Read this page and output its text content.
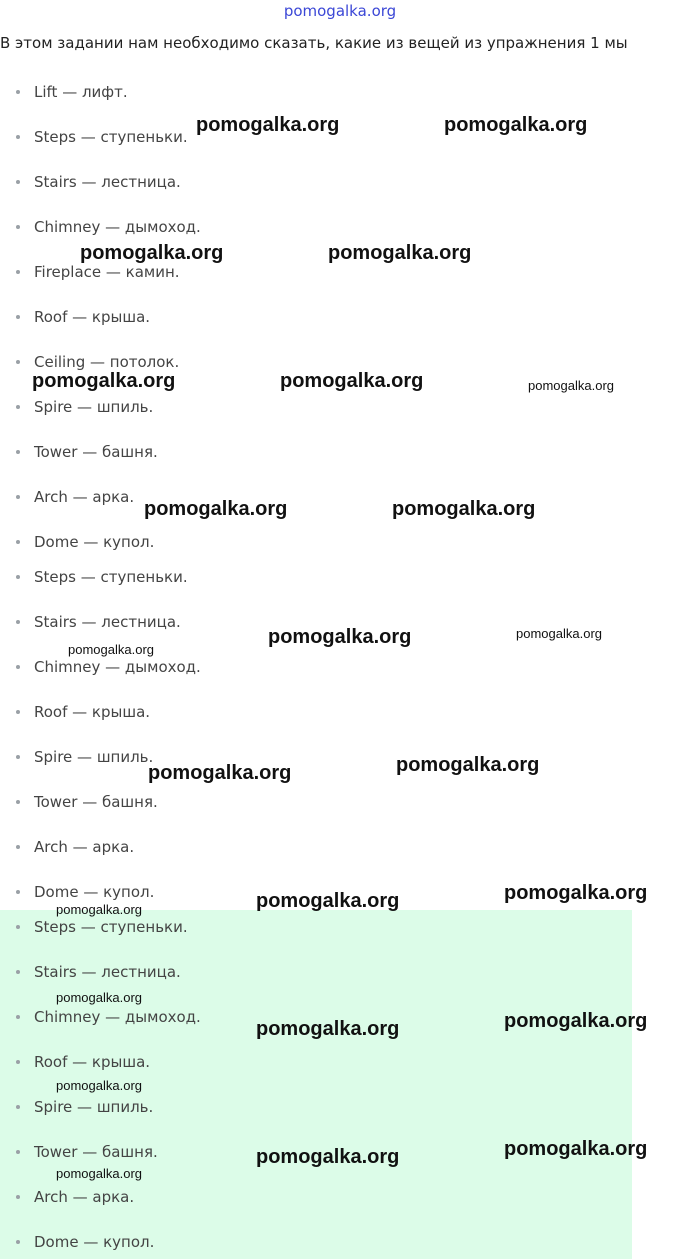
pomogalka.org

В этом задании нам необходимо сказать, какие из вещей из упражнения 1 мы

Lift — лифт.
Steps — ступеньки.
Stairs — лестница.
Chimney — дымоход.
Fireplace — камин.
Roof — крыша.
Ceiling — потолок.
Spire — шпиль.
Tower — башня.
Arch — арка.
Dome — купол.
Steps — ступеньки.
Stairs — лестница.
Chimney — дымоход.
Roof — крыша.
Spire — шпиль.
Tower — башня.
Arch — арка.
Dome — купол.
Steps — ступеньки.
Stairs — лестница.
Chimney — дымоход.
Roof — крыша.
Spire — шпиль.
Tower — башня.
Arch — арка.
Dome — купол.
pomogalka.org	pomogalka.org
pomogalka.org	pomogalka.org
pomogalka.org	pomogalka.org	pomogalka.org
pomogalka.org	pomogalka.org
pomogalka.org	pomogalka.org
pomogalka.org
pomogalka.org	pomogalka.org
pomogalka.org	pomogalka.org
pomogalka.org
pomogalka.org
pomogalka.org	pomogalka.org
pomogalka.org
pomogalka.org	pomogalka.org
pomogalka.org
